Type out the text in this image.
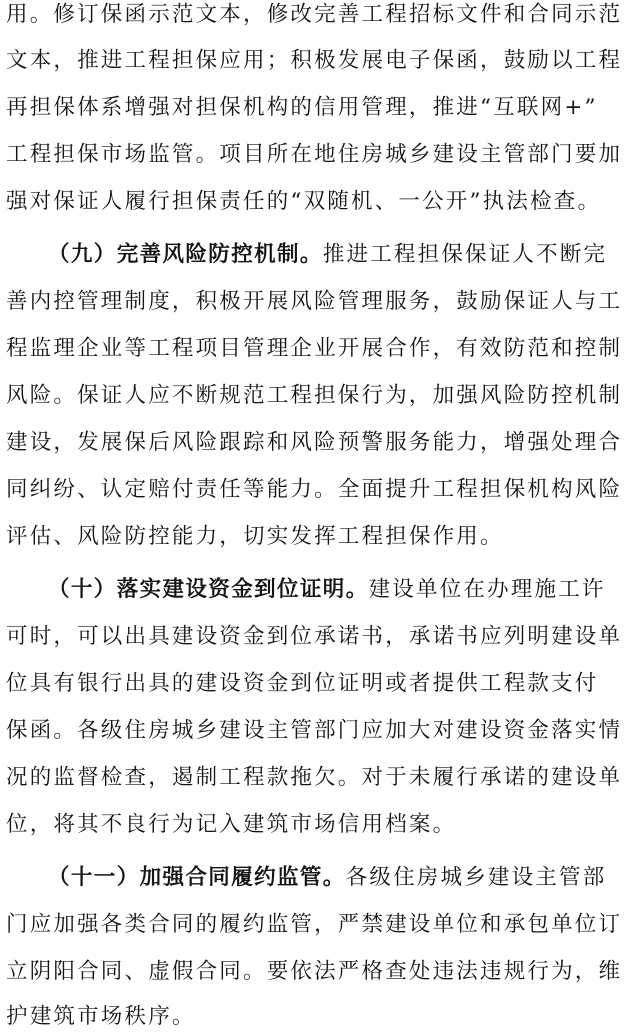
用。修订保函示范文本，修改完善工程招标文件和合同示范
文本，推进工程担保应用；积极发展电子保函，鼓励以工程
再担保体系增强对担保机构的信用管理，推进“互联网+”
工程担保市场监管。项目所在地住房城乡建设主管部门要加
强对保证人履行担保责任的“双随机、一公开”执法检查。
（九）完善风险防控机制。推进工程担保保证人不断完
善内控管理制度，积极开展风险管理服务，鼓励保证人与工
程监理企业等工程项目管理企业开展合作，有效防范和控制
风险。保证人应不断规范工程担保行为，加强风险防控机制
建设，发展保后风险跟踪和风险预警服务能力，增强处理合
同纠纷、认定赔付责任等能力。全面提升工程担保机构风险
评估、风险防控能力，切实发挥工程担保作用。
（十）落实建设资金到位证明。建设单位在办理施工许
可时，可以出具建设资金到位承诺书，承诺书应列明建设单
位具有银行出具的建设资金到位证明或者提供工程款支付
保函。各级住房城乡建设主管部门应加大对建设资金落实情
况的监督检查，遏制工程款拖欠。对于未履行承诺的建设单
位，将其不良行为记入建筑市场信用档案。
（十一）加强合同履约监管。各级住房城乡建设主管部
门应加强各类合同的履约监管，严禁建设单位和承包单位订
立阴阳合同、虚假合同。要依法严格查处违法违规行为，维
护建筑市场秩序。
